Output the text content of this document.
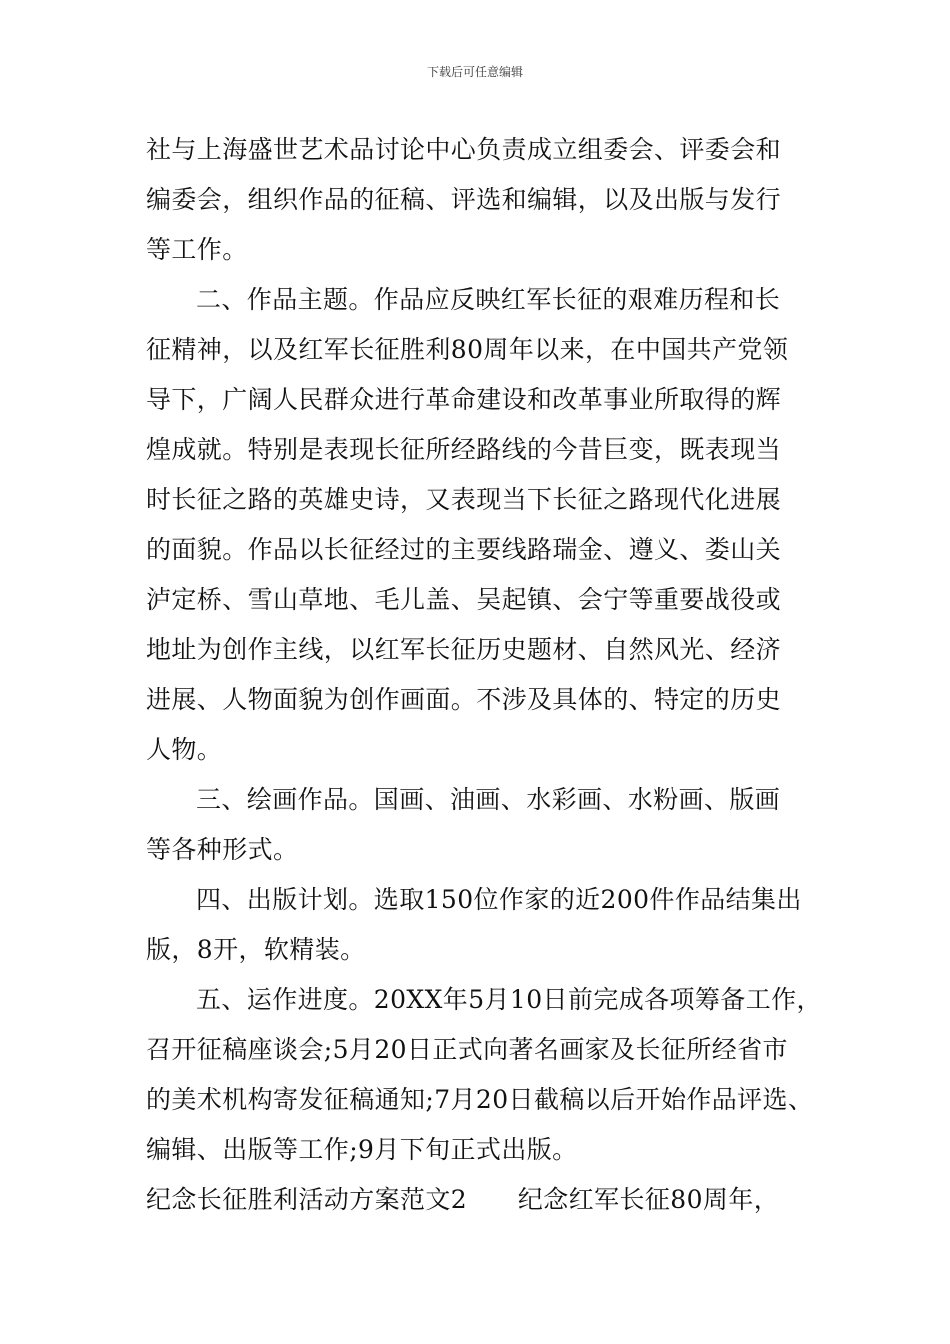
下载后可任意编辑
社与上海盛世艺术品讨论中心负责成立组委会、评委会和
编委会，组织作品的征稿、评选和编辑，以及出版与发行
等工作。
二、作品主题。作品应反映红军长征的艰难历程和长
征精神，以及红军长征胜利80周年以来，在中国共产党领
导下，广阔人民群众进行革命建设和改革事业所取得的辉
煌成就。特别是表现长征所经路线的今昔巨变，既表现当
时长征之路的英雄史诗，又表现当下长征之路现代化进展
的面貌。作品以长征经过的主要线路瑞金、遵义、娄山关
泸定桥、雪山草地、毛儿盖、吴起镇、会宁等重要战役或
地址为创作主线，以红军长征历史题材、自然风光、经济
进展、人物面貌为创作画面。不涉及具体的、特定的历史
人物。
三、绘画作品。国画、油画、水彩画、水粉画、版画
等各种形式。
四、出版计划。选取150位作家的近200件作品结集出
版，8开，软精装。
五、运作进度。20XX年5月10日前完成各项筹备工作，
召开征稿座谈会;5月20日正式向著名画家及长征所经省市
的美术机构寄发征稿通知;7月20日截稿以后开始作品评选、
编辑、出版等工作;9月下旬正式出版。
纪念长征胜利活动方案范文2　　纪念红军长征80周年，
